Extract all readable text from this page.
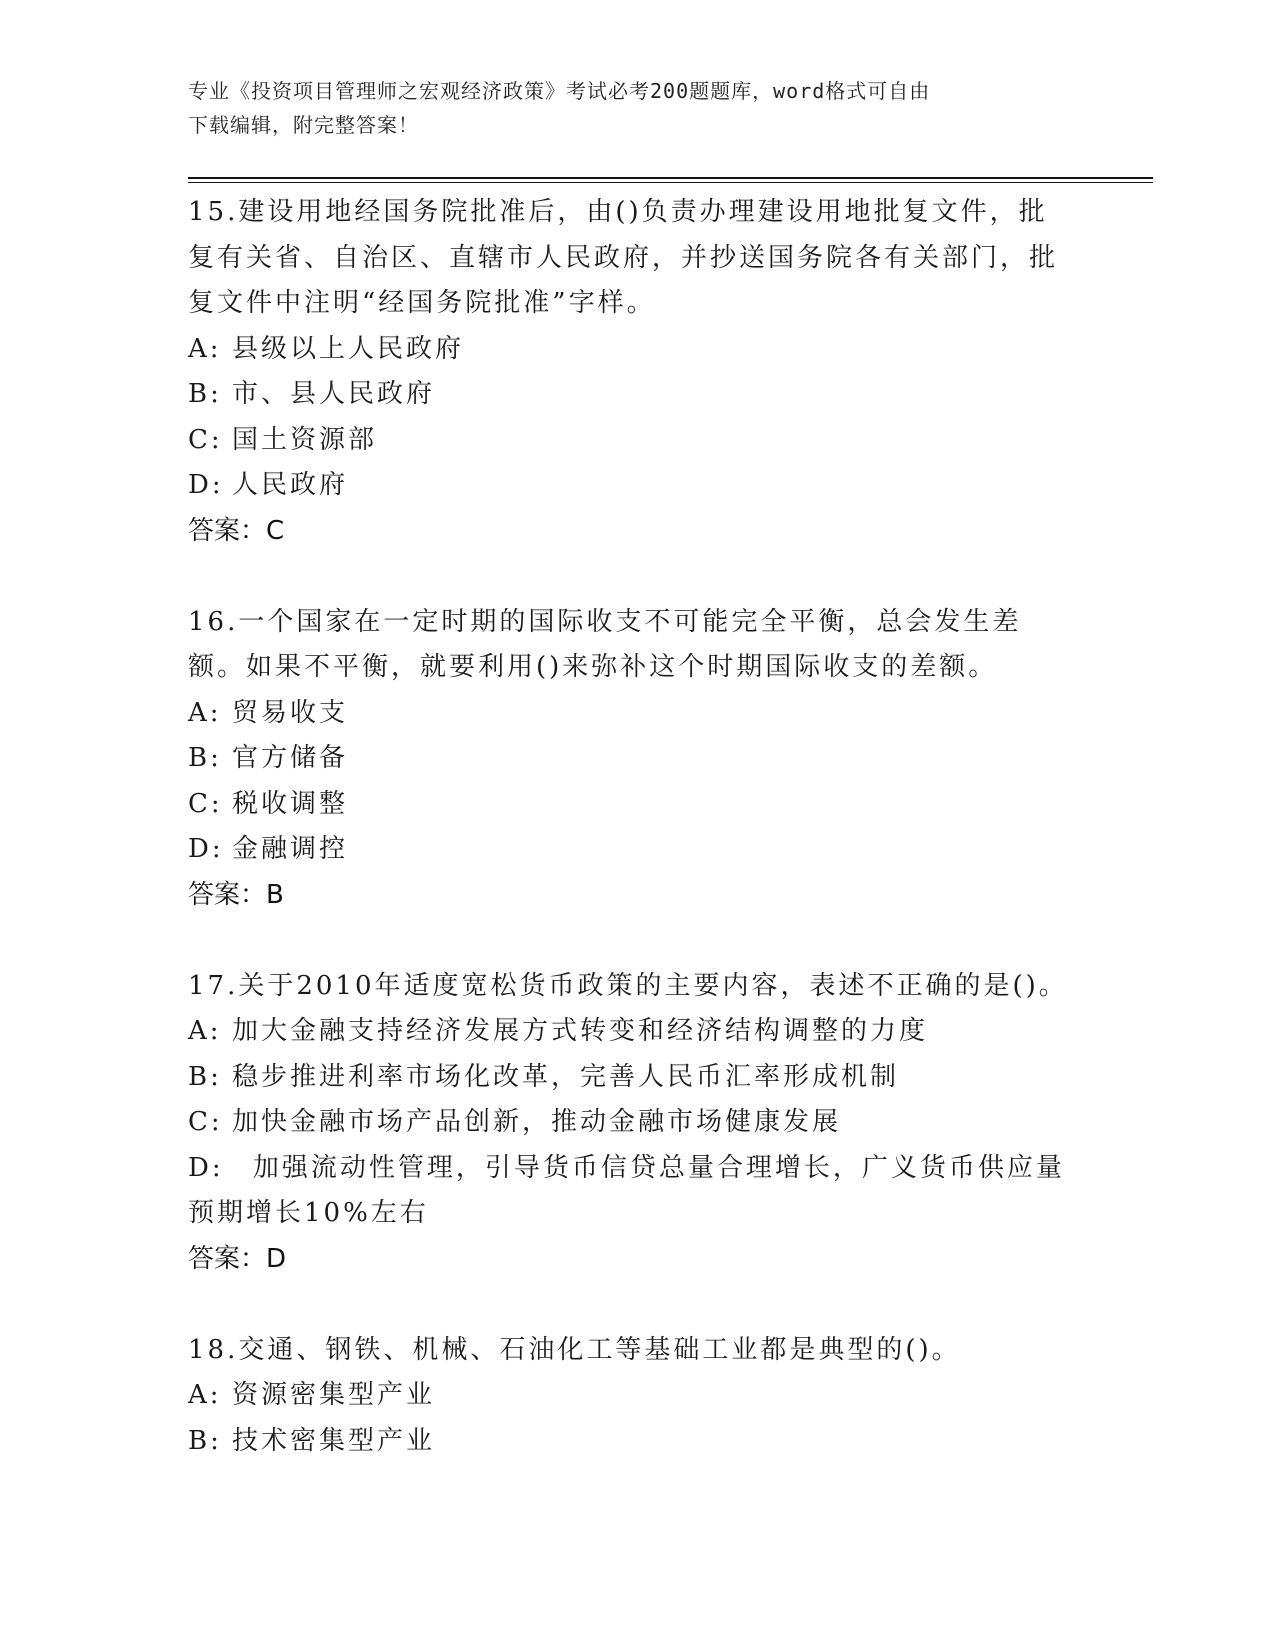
专业《投资项目管理师之宏观经济政策》考试必考200题题库，word格式可自由
下载编辑，附完整答案！
15.建设用地经国务院批准后，由()负责办理建设用地批复文件，批复有关省、自治区、直辖市人民政府，并抄送国务院各有关部门，批复文件中注明“经国务院批准”字样。
A: 县级以上人民政府
B: 市、县人民政府
C: 国土资源部
D: 人民政府
答案：C
16.一个国家在一定时期的国际收支不可能完全平衡，总会发生差额。如果不平衡，就要利用()来弥补这个时期国际收支的差额。
A: 贸易收支
B: 官方储备
C: 税收调整
D: 金融调控
答案：B
17.关于2010年适度宽松货币政策的主要内容，表述不正确的是()。
A: 加大金融支持经济发展方式转变和经济结构调整的力度
B: 稳步推进利率市场化改革，完善人民币汇率形成机制
C: 加快金融市场产品创新，推动金融市场健康发展
D: 加强流动性管理，引导货币信贷总量合理增长，广义货币供应量预期增长10%左右
答案：D
18.交通、钢铁、机械、石油化工等基础工业都是典型的()。
A: 资源密集型产业
B: 技术密集型产业
